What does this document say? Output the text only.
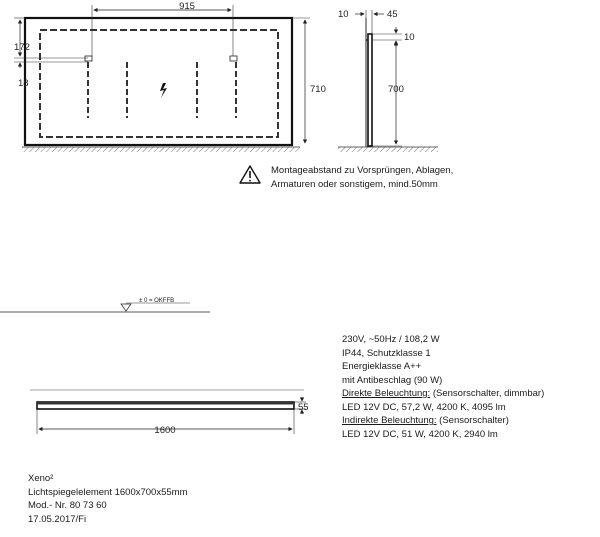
915
172
18
710
10	45
10
700
± 0 = OKFFB
55
1600
Montageabstand zu Vorsprüngen, Ablagen,
Armaturen oder sonstigem, mind.50mm
230V, ~50Hz / 108,2 W
IP44, Schutzklasse 1
Energieklasse A++
mit Antibeschlag (90 W)
Direkte Beleuchtung: (Sensorschalter, dimmbar)
LED 12V DC, 57,2 W, 4200 K, 4095 lm
Indirekte Beleuchtung: (Sensorschalter)
LED 12V DC, 51 W, 4200 K, 2940 lm
Xeno²
Lichtspiegelelement 1600x700x55mm
Mod.- Nr. 80 73 60
17.05.2017/Fi
